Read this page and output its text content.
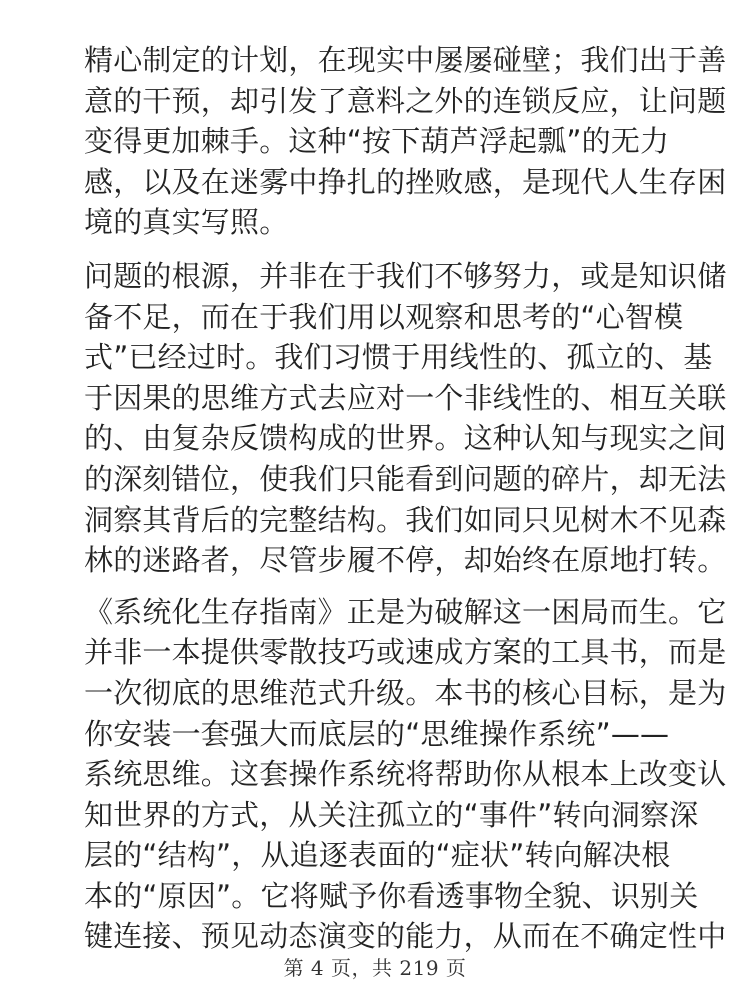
精心制定的计划，在现实中屡屡碰壁；我们出于善
意的干预，却引发了意料之外的连锁反应，让问题
变得更加棘手。这种“按下葫芦浮起瓢”的无力
感，以及在迷雾中挣扎的挫败感，是现代人生存困
境的真实写照。

问题的根源，并非在于我们不够努力，或是知识储
备不足，而在于我们用以观察和思考的“心智模
式”已经过时。我们习惯于用线性的、孤立的、基
于因果的思维方式去应对一个非线性的、相互关联
的、由复杂反馈构成的世界。这种认知与现实之间
的深刻错位，使我们只能看到问题的碎片，却无法
洞察其背后的完整结构。我们如同只见树木不见森
林的迷路者，尽管步履不停，却始终在原地打转。

《系统化生存指南》正是为破解这一困局而生。它
并非一本提供零散技巧或速成方案的工具书，而是
一次彻底的思维范式升级。本书的核心目标，是为
你安装一套强大而底层的“思维操作系统”——
系统思维。这套操作系统将帮助你从根本上改变认
知世界的方式，从关注孤立的“事件”转向洞察深
层的“结构”，从追逐表面的“症状”转向解决根
本的“原因”。它将赋予你看透事物全貌、识别关
键连接、预见动态演变的能力，从而在不确定性中

第 4 页，共 219 页
